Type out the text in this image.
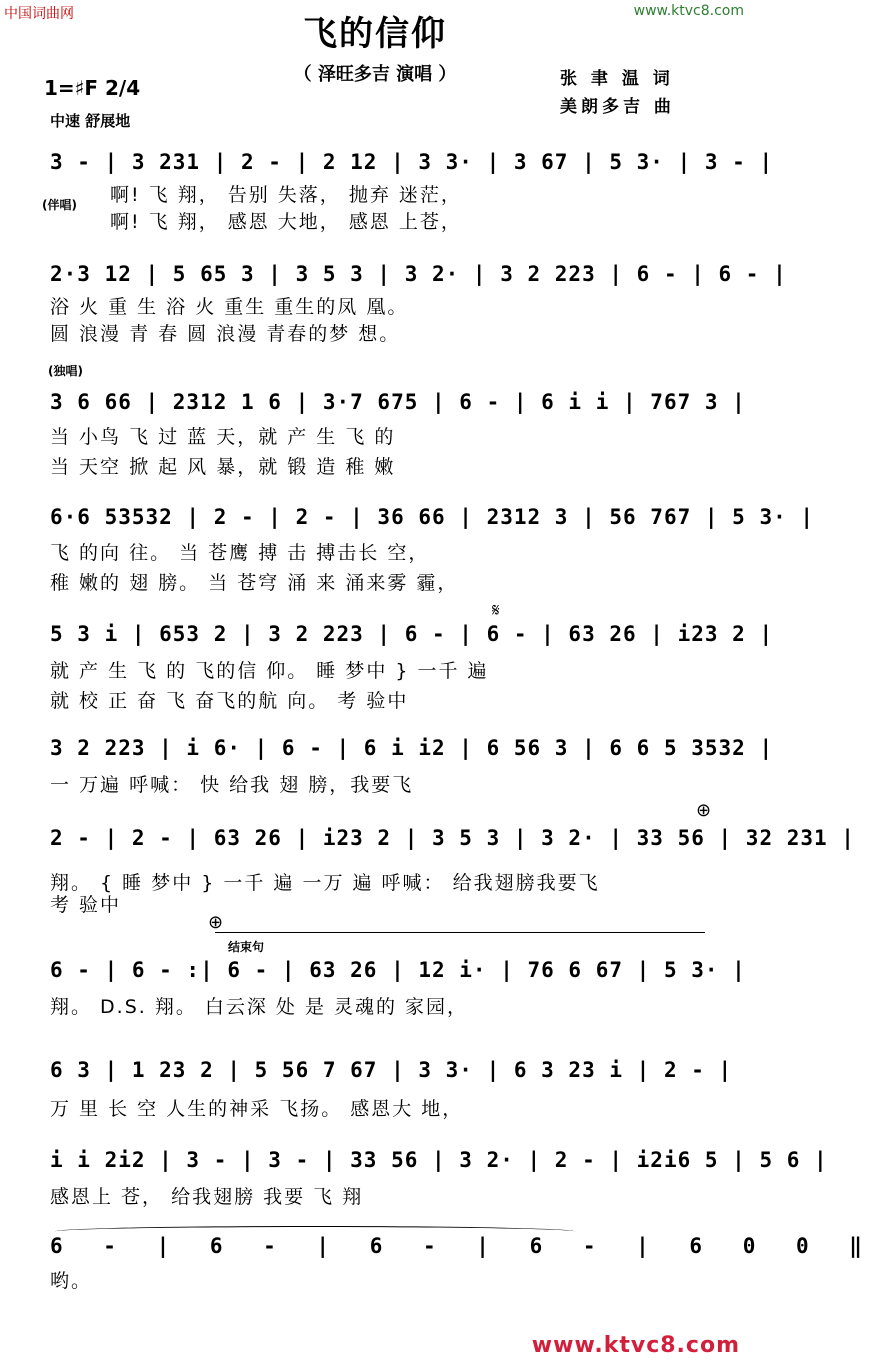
中国词曲网	www.ktvc8.com
飞的信仰
（ 泽旺多吉 演唱 ）	张 聿 温 词
美朗多吉 曲
1=♯F 2/4
中速 舒展地
(伴唱)
3 - | 3 231 | 2 - | 2 12 | 3 3· | 3 67 | 5 3· | 3 - |
啊! 飞 翔， 告别 失落， 抛弃 迷茫，
啊! 飞 翔， 感恩 大地， 感恩 上苍，
2·3 12 | 5 65 3 | 3 5 3 | 3 2· | 3 2 223 | 6 - | 6 - |
浴 火 重 生 浴 火 重生 重生的凤 凰。
圆 浪漫 青 春 圆 浪漫 青春的梦 想。
(独唱)
3 6 66 | 2312 1 6 | 3·7 675 | 6 - | 6 i i | 767 3 |
当 小鸟 飞 过 蓝 天，就 产 生 飞 的
当 天空 掀 起 风 暴，就 锻 造 稚 嫩
6·6 53532 | 2 - | 2 - | 36 66 | 2312 3 | 56 767 | 5 3· |
飞 的向 往。 当 苍鹰 搏 击 搏击长 空，
稚 嫩的 翅 膀。 当 苍穹 涌 来 涌来雾 霾，
𝄋
5 3 i | 653 2 | 3 2 223 | 6 - | 6 - | 63 26 | i23 2 |
就 产 生 飞 的 飞的信 仰。 睡 梦中 } 一千 遍
就 校 正 奋 飞 奋飞的航 向。 考 验中
3 2 223 | i 6· | 6 - | 6 i i2 | 6 56 3 | 6 6 5 3532 |
一 万遍 呼喊： 快 给我 翅 膀，我要飞
⊕
2 - | 2 - | 63 26 | i23 2 | 3 5 3 | 3 2· | 33 56 | 32 231 |
翔。 { 睡 梦中 } 一千 遍 一万 遍 呼喊： 给我翅膀我要飞
考 验中
⊕
结束句
6 - | 6 - :| 6 - | 63 26 | 12 i· | 76 6 67 | 5 3· |
翔。 D.S. 翔。 白云深 处 是 灵魂的 家园，
6 3 | 1 23 2 | 5 56 7 67 | 3 3· | 6 3 23 i | 2 - |
万 里 长 空 人生的神采 飞扬。 感恩大 地，
i i 2i2 | 3 - | 3 - | 33 56 | 3 2· | 2 - | i2i6 5 | 5 6 |
感恩上 苍， 给我翅膀 我要 飞 翔
6 - | 6 - | 6 - | 6 - | 6 0 0 ‖
哟。
www.ktvc8.com
